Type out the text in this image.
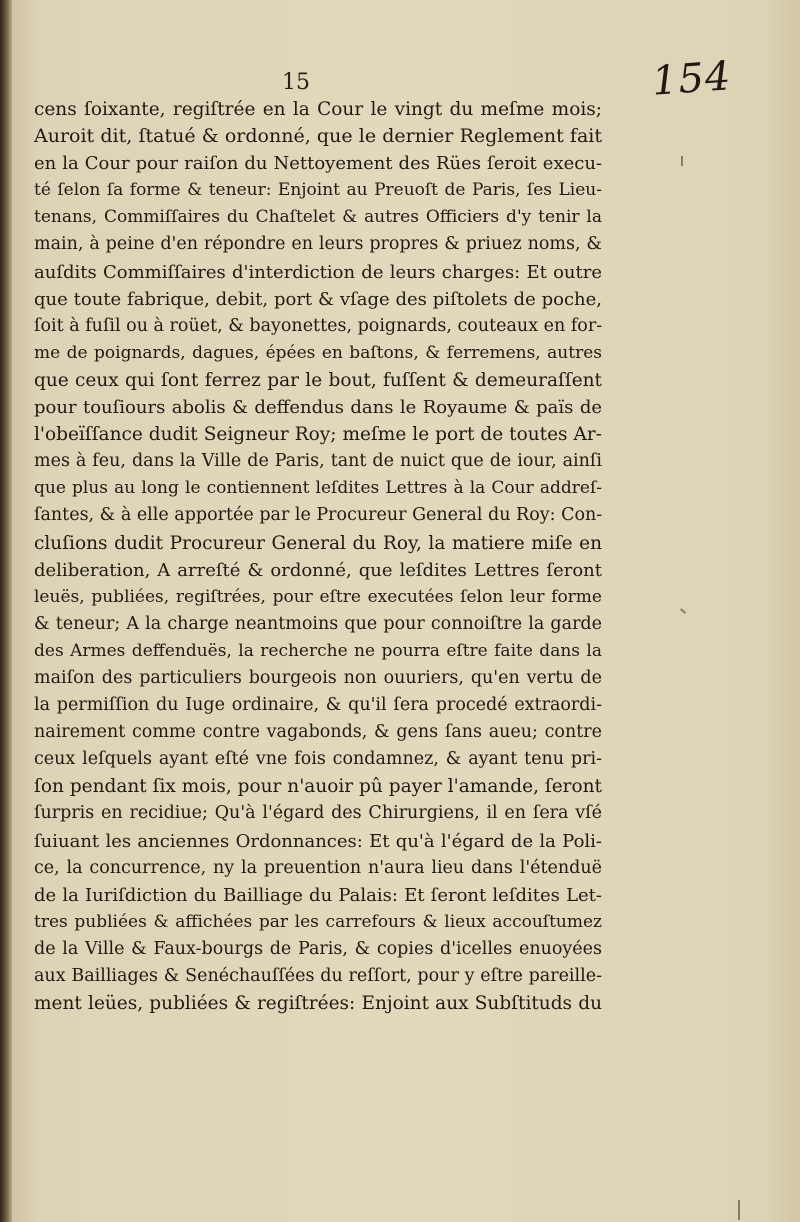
15	154
cens ſoixante, regiſtrée en la Cour le vingt du meſme mois;
Auroit dit, ſtatué & ordonné, que le dernier Reglement fait
en la Cour pour raiſon du Nettoyement des Rües ſeroit execu-
té ſelon ſa forme & teneur: Enjoint au Preuoſt de Paris, ſes Lieu-
tenans, Commiſſaires du Chaſtelet & autres Officiers d'y tenir la
main, à peine d'en répondre en leurs propres & priuez noms, &
auſdits Commiſſaires d'interdiction de leurs charges: Et outre
que toute fabrique, debit, port & vſage des piſtolets de poche,
ſoit à fuſil ou à roüet, & bayonettes, poignards, couteaux en for-
me de poignards, dagues, épées en baſtons, & ferremens, autres
que ceux qui ſont ferrez par le bout, fuſſent & demeuraſſent
pour touſiours abolis & deffendus dans le Royaume & païs de
l'obeïſſance dudit Seigneur Roy; meſme le port de toutes Ar-
mes à feu, dans la Ville de Paris, tant de nuict que de iour, ainſi
que plus au long le contiennent leſdites Lettres à la Cour addreſ-
ſantes, & à elle apportée par le Procureur General du Roy: Con-
cluſions dudit Procureur General du Roy, la matiere miſe en
deliberation, A arreſté & ordonné, que leſdites Lettres ſeront
leuës, publiées, regiſtrées, pour eſtre executées ſelon leur forme
& teneur; A la charge neantmoins que pour connoiſtre la garde
des Armes deffenduës, la recherche ne pourra eſtre faite dans la
maiſon des particuliers bourgeois non ouuriers, qu'en vertu de
la permiſſion du Iuge ordinaire, & qu'il ſera procedé extraordi-
nairement comme contre vagabonds, & gens ſans aueu; contre
ceux leſquels ayant eſté vne fois condamnez, & ayant tenu pri-
ſon pendant ſix mois, pour n'auoir pû payer l'amande, ſeront
ſurpris en recidiue; Qu'à l'égard des Chirurgiens, il en ſera vſé
ſuiuant les anciennes Ordonnances: Et qu'à l'égard de la Poli-
ce, la concurrence, ny la preuention n'aura lieu dans l'étenduë
de la Iuriſdiction du Bailliage du Palais: Et ſeront leſdites Let-
tres publiées & affichées par les carrefours & lieux accouſtumez
de la Ville & Faux-bourgs de Paris, & copies d'icelles enuoyées
aux Bailliages & Senéchauſſées du reſſort, pour y eſtre pareille-
ment leües, publiées & regiſtrées: Enjoint aux Subſtituds du
